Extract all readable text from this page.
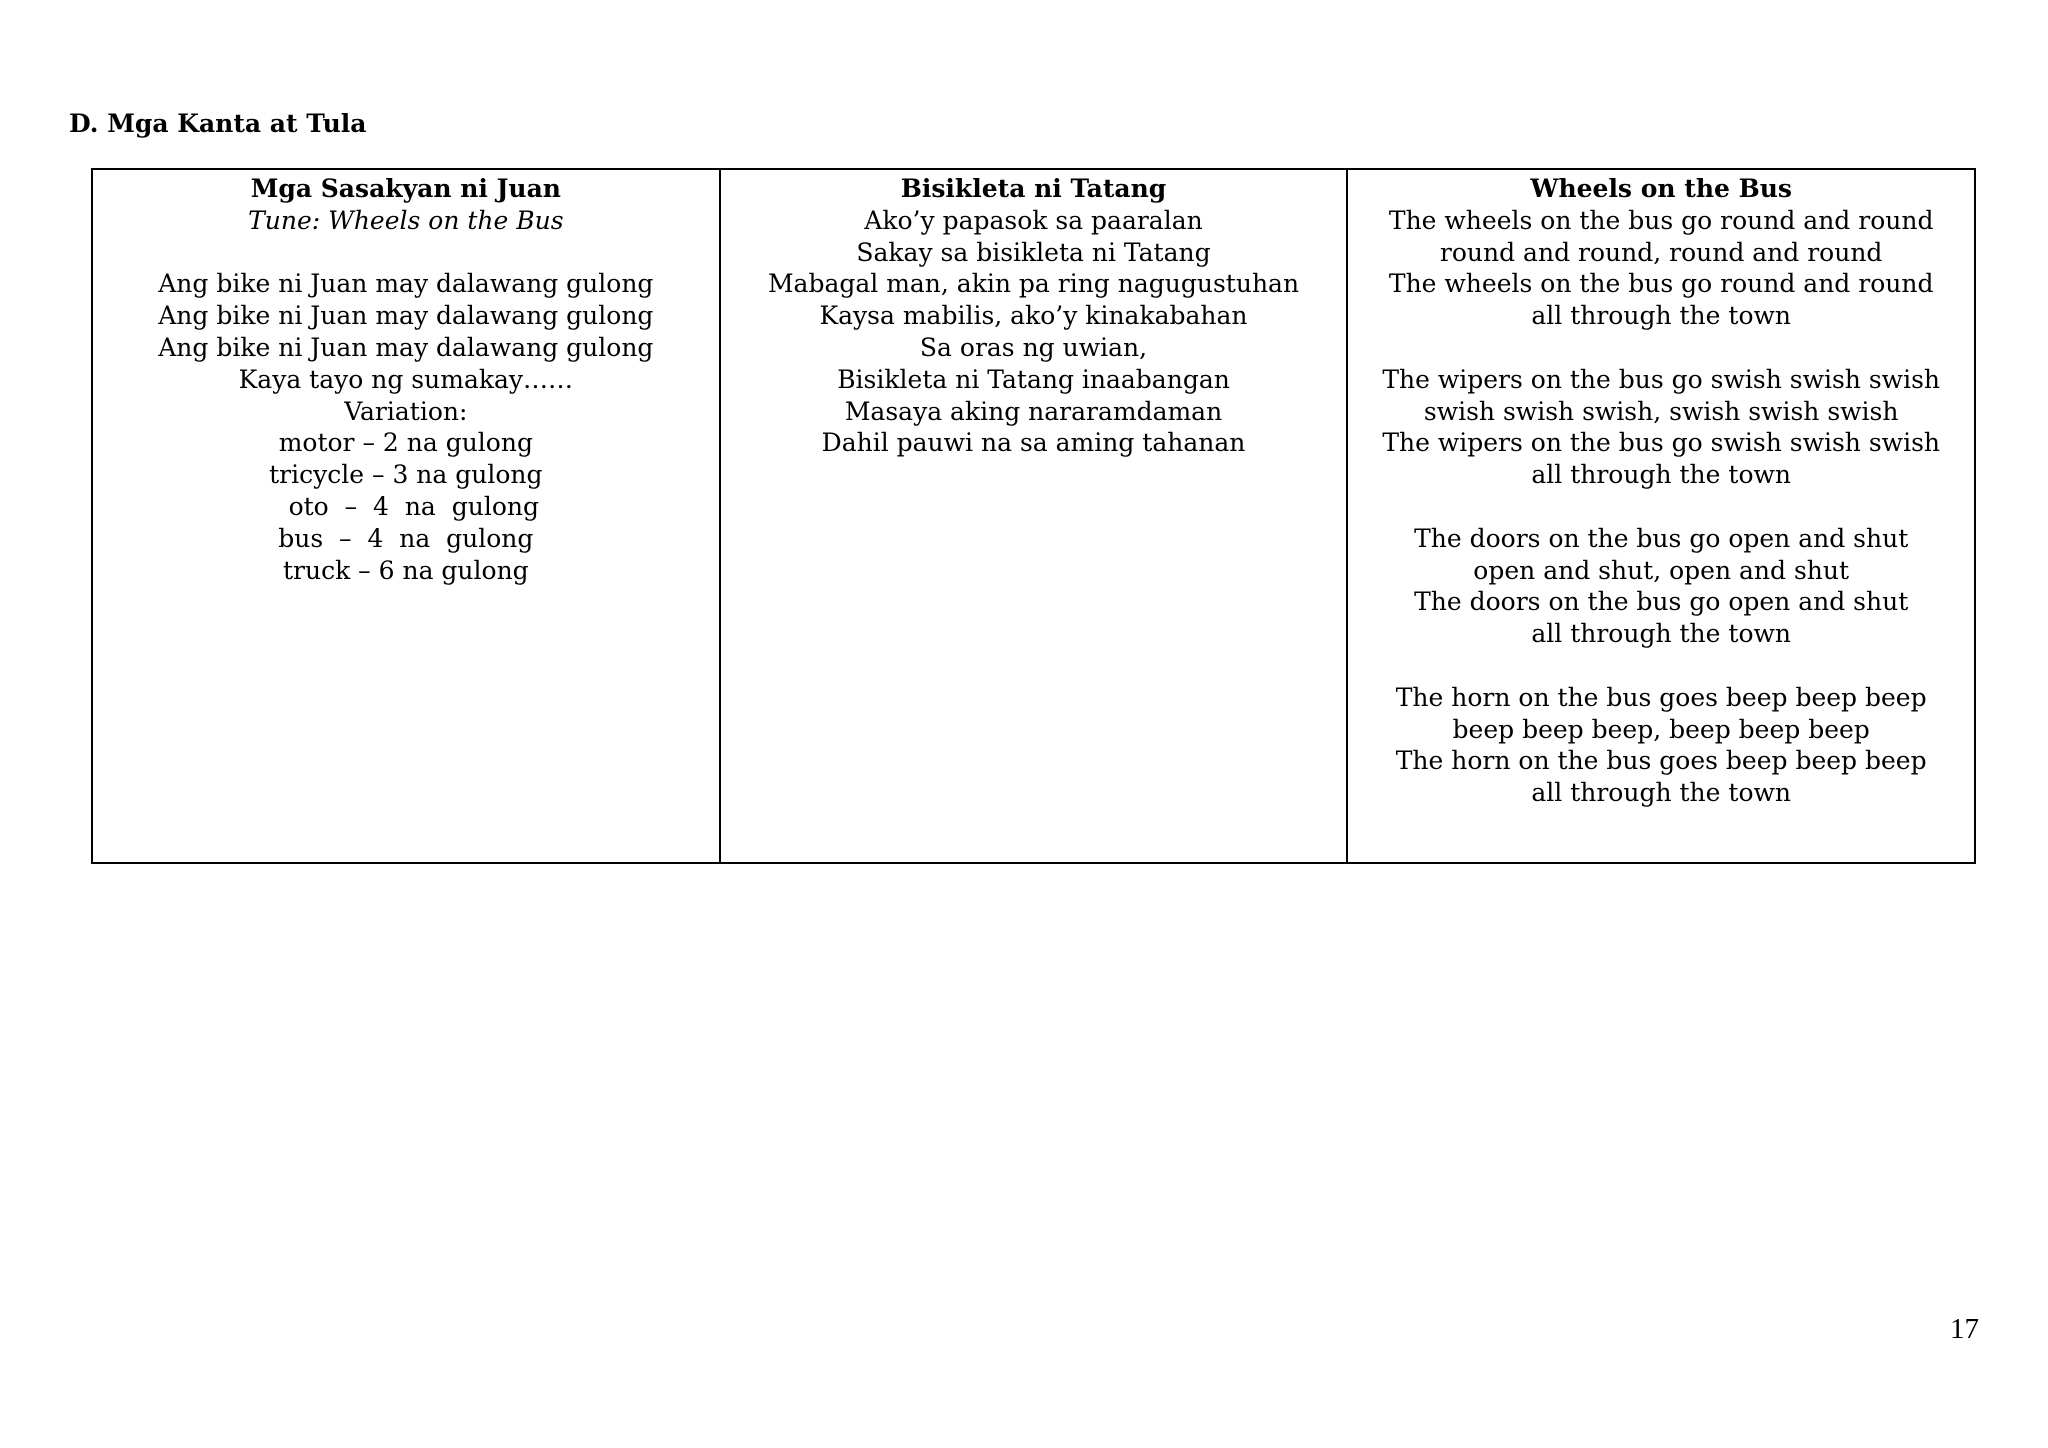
D. Mga Kanta at Tula
Mga Sasakyan ni Juan
Tune: Wheels on the Bus
Ang bike ni Juan may dalawang gulong
Ang bike ni Juan may dalawang gulong
Ang bike ni Juan may dalawang gulong
Kaya tayo ng sumakay……
Variation:
motor – 2 na gulong
tricycle – 3 na gulong
oto  –  4  na  gulong
bus  –  4  na  gulong
truck – 6 na gulong
Bisikleta ni Tatang
Ako’y papasok sa paaralan
Sakay sa bisikleta ni Tatang
Mabagal man, akin pa ring nagugustuhan
Kaysa mabilis, ako’y kinakabahan
Sa oras ng uwian,
Bisikleta ni Tatang inaabangan
Masaya aking nararamdaman
Dahil pauwi na sa aming tahanan
Wheels on the Bus
The wheels on the bus go round and round
round and round, round and round
The wheels on the bus go round and round
all through the town
The wipers on the bus go swish swish swish
swish swish swish, swish swish swish
The wipers on the bus go swish swish swish
all through the town
The doors on the bus go open and shut
open and shut, open and shut
The doors on the bus go open and shut
all through the town
The horn on the bus goes beep beep beep
beep beep beep, beep beep beep
The horn on the bus goes beep beep beep
all through the town
17
